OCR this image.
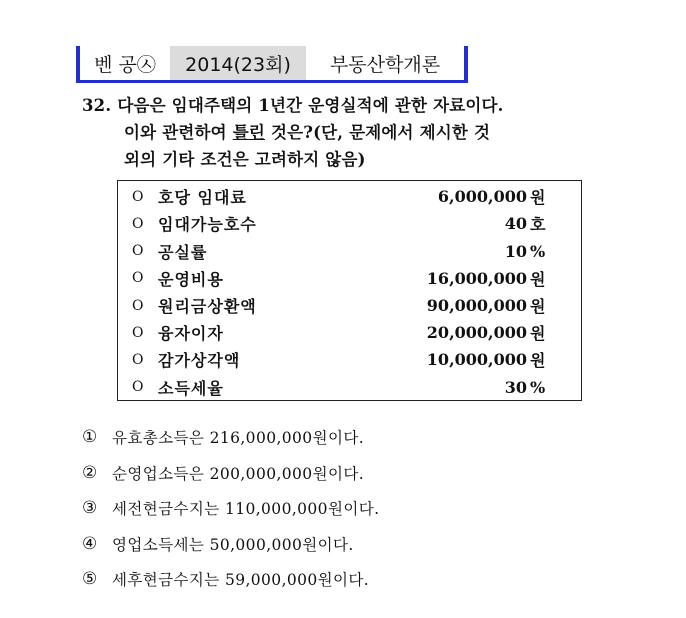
벤 공㉦	2014(23회)	부동산학개론
32. 다음은 임대주택의 1년간 운영실적에 관한 자료이다.
이와 관련하여 틀린 것은?(단, 문제에서 제시한 것
외의 기타 조건은 고려하지 않음)
O 호당 임대료	6,000,000 원
O 임대가능호수	40 호
O 공실률	10 %
O 운영비용	16,000,000 원
O 원리금상환액	90,000,000 원
O 융자이자	20,000,000 원
O 감가상각액	10,000,000 원
O 소득세율	30 %
① 유효총소득은 216,000,000원이다.
② 순영업소득은 200,000,000원이다.
③ 세전현금수지는 110,000,000원이다.
④ 영업소득세는 50,000,000원이다.
⑤ 세후현금수지는 59,000,000원이다.
